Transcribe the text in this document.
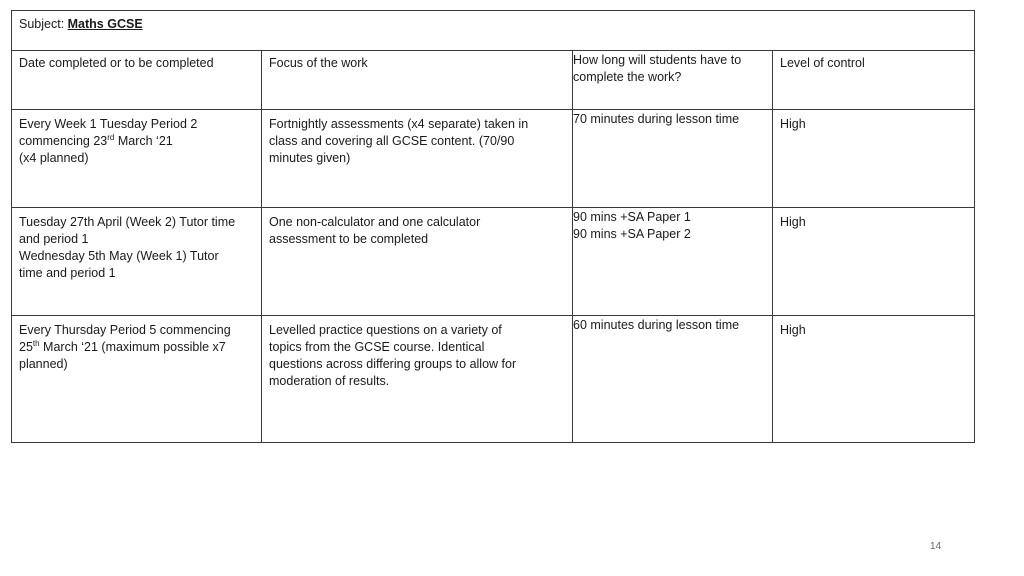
Subject: Maths GCSE			

Date completed or to be completed	Focus of the work	How long will students have to
complete the work?	Level of control

Every Week 1 Tuesday Period 2
commencing 23rd March ‘21
(x4 planned)	Fortnightly assessments (x4 separate) taken in
class and covering all GCSE content. (70/90
minutes given)	70 minutes during lesson time	High

Tuesday 27th April (Week 2) Tutor time
and period 1
Wednesday 5th May (Week 1) Tutor
time and period 1	One non-calculator and one calculator
assessment to be completed	90 mins +SA Paper 1
90 mins +SA Paper 2	High

Every Thursday Period 5 commencing
25th March ‘21 (maximum possible x7
planned)	Levelled practice questions on a variety of
topics from the GCSE course. Identical
questions across differing groups to allow for
moderation of results.	60 minutes during lesson time	High
14
